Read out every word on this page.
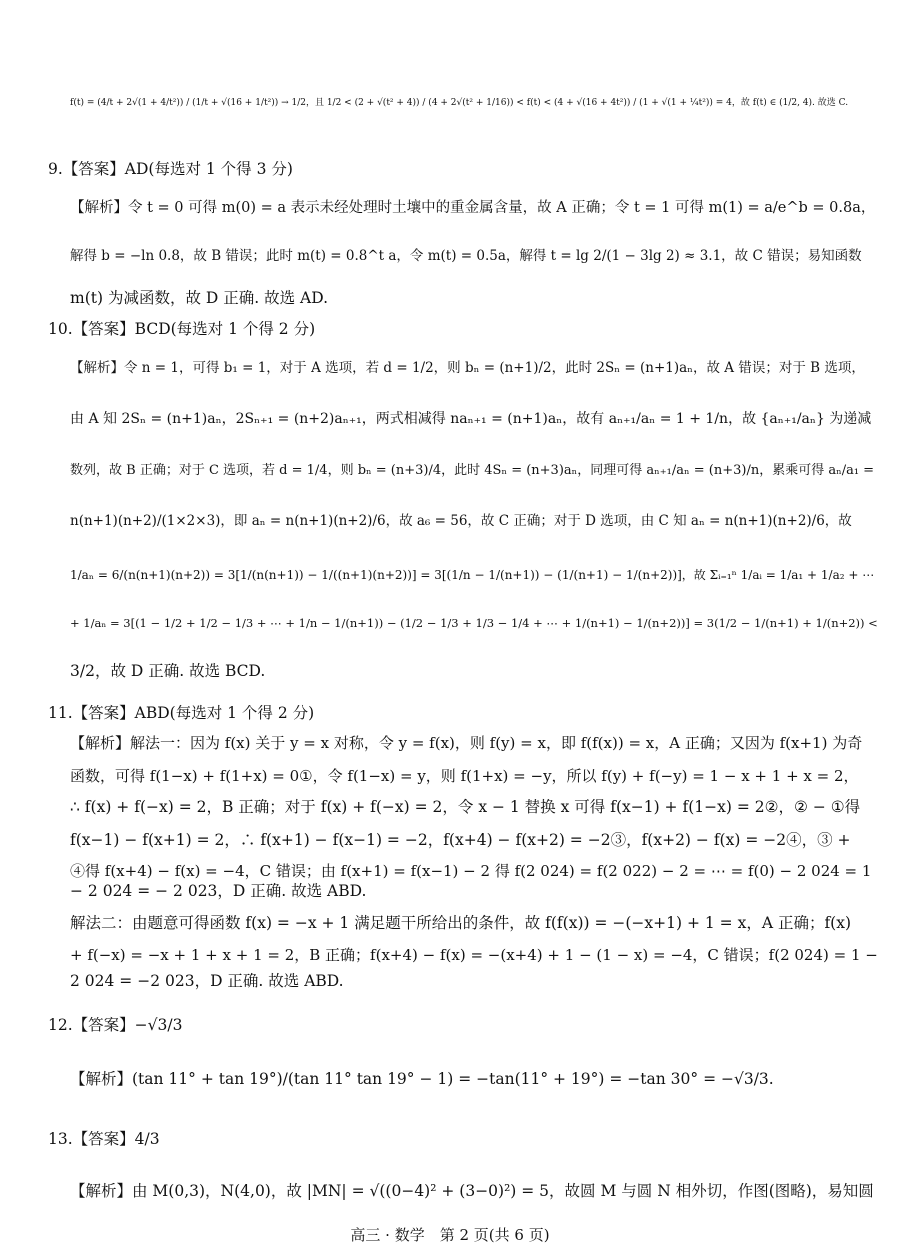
f(t) = (4/t + 2√(1 + 4/t²)) / (1/t + √(16 + 1/t²)) → 1/2，且 1/2 < (2 + √(t² + 4)) / (4 + 2√(t² + 1/16)) < f(t) < (4 + √(16 + 4t²)) / (1 + √(1 + ¼t²)) = 4，故 f(t) ∈ (1/2, 4). 故选 C.
9.【答案】AD(每选对 1 个得 3 分)
【解析】令 t = 0 可得 m(0) = a 表示未经处理时土壤中的重金属含量，故 A 正确；令 t = 1 可得 m(1) = a/e^b = 0.8a，
解得 b = −ln 0.8，故 B 错误；此时 m(t) = 0.8^t a，令 m(t) = 0.5a，解得 t = lg 2/(1 − 3lg 2) ≈ 3.1，故 C 错误；易知函数
m(t) 为减函数，故 D 正确. 故选 AD.
10.【答案】BCD(每选对 1 个得 2 分)
【解析】令 n = 1，可得 b₁ = 1，对于 A 选项，若 d = 1/2，则 bₙ = (n+1)/2，此时 2Sₙ = (n+1)aₙ，故 A 错误；对于 B 选项，
由 A 知 2Sₙ = (n+1)aₙ，2Sₙ₊₁ = (n+2)aₙ₊₁，两式相减得 naₙ₊₁ = (n+1)aₙ，故有 aₙ₊₁/aₙ = 1 + 1/n，故 {aₙ₊₁/aₙ} 为递减
数列，故 B 正确；对于 C 选项，若 d = 1/4，则 bₙ = (n+3)/4，此时 4Sₙ = (n+3)aₙ，同理可得 aₙ₊₁/aₙ = (n+3)/n，累乘可得 aₙ/a₁ =
n(n+1)(n+2)/(1×2×3)，即 aₙ = n(n+1)(n+2)/6，故 a₆ = 56，故 C 正确；对于 D 选项，由 C 知 aₙ = n(n+1)(n+2)/6，故
1/aₙ = 6/(n(n+1)(n+2)) = 3[1/(n(n+1)) − 1/((n+1)(n+2))] = 3[(1/n − 1/(n+1)) − (1/(n+1) − 1/(n+2))]，故 Σᵢ₌₁ⁿ 1/aᵢ = 1/a₁ + 1/a₂ + ⋯
+ 1/aₙ = 3[(1 − 1/2 + 1/2 − 1/3 + ⋯ + 1/n − 1/(n+1)) − (1/2 − 1/3 + 1/3 − 1/4 + ⋯ + 1/(n+1) − 1/(n+2))] = 3(1/2 − 1/(n+1) + 1/(n+2)) <
3/2，故 D 正确. 故选 BCD.
11.【答案】ABD(每选对 1 个得 2 分)
【解析】解法一：因为 f(x) 关于 y = x 对称，令 y = f(x)，则 f(y) = x，即 f(f(x)) = x，A 正确；又因为 f(x+1) 为奇
函数，可得 f(1−x) + f(1+x) = 0①，令 f(1−x) = y，则 f(1+x) = −y，所以 f(y) + f(−y) = 1 − x + 1 + x = 2，
∴ f(x) + f(−x) = 2，B 正确；对于 f(x) + f(−x) = 2，令 x − 1 替换 x 可得 f(x−1) + f(1−x) = 2②，② − ①得
f(x−1) − f(x+1) = 2，∴ f(x+1) − f(x−1) = −2，f(x+4) − f(x+2) = −2③，f(x+2) − f(x) = −2④，③ +
④得 f(x+4) − f(x) = −4，C 错误；由 f(x+1) = f(x−1) − 2 得 f(2 024) = f(2 022) − 2 = ⋯ = f(0) − 2 024 = 1
− 2 024 = − 2 023，D 正确. 故选 ABD.
解法二：由题意可得函数 f(x) = −x + 1 满足题干所给出的条件，故 f(f(x)) = −(−x+1) + 1 = x，A 正确；f(x)
+ f(−x) = −x + 1 + x + 1 = 2，B 正确；f(x+4) − f(x) = −(x+4) + 1 − (1 − x) = −4，C 错误；f(2 024) = 1 −
2 024 = −2 023，D 正确. 故选 ABD.
12.【答案】−√3/3
【解析】(tan 11° + tan 19°)/(tan 11° tan 19° − 1) = −tan(11° + 19°) = −tan 30° = −√3/3.
13.【答案】4/3
【解析】由 M(0,3)，N(4,0)，故 |MN| = √((0−4)² + (3−0)²) = 5，故圆 M 与圆 N 相外切，作图(图略)，易知圆
高三 · 数学　第 2 页(共 6 页)
